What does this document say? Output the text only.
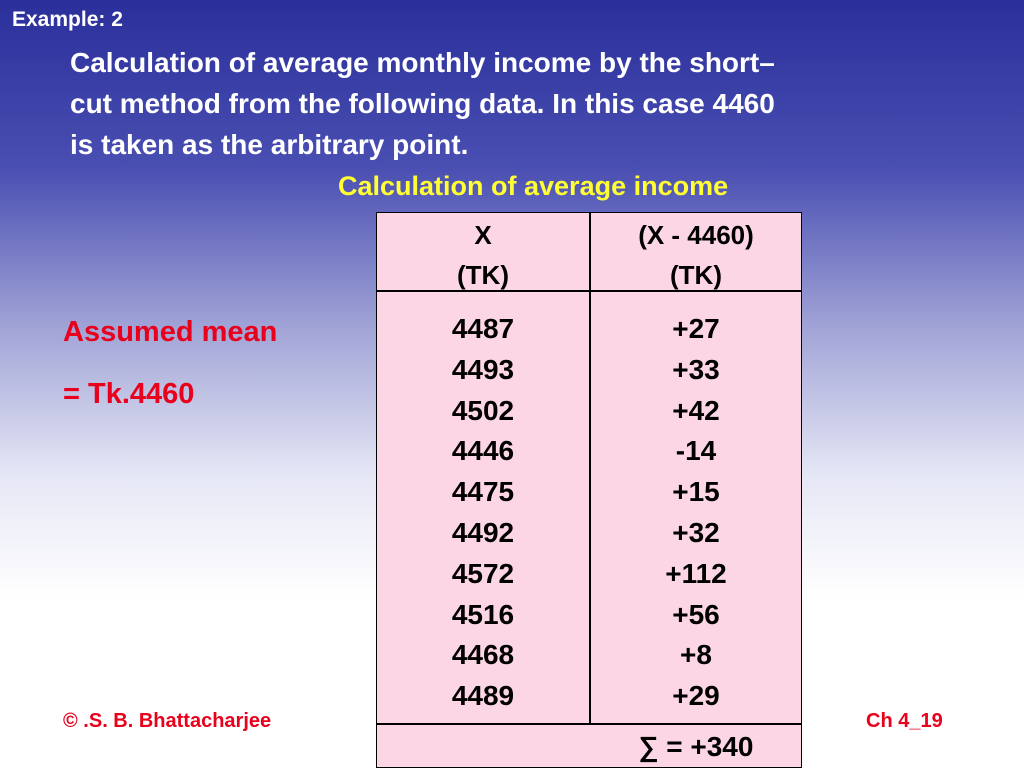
Example: 2
Calculation of average monthly income by the short–
cut method from the following data. In this case 4460
is taken as the arbitrary point.
Calculation of average income
Assumed mean
= Tk.4460
X
(TK)
(X - 4460)
(TK)
4487
4493
4502
4446
4475
4492
4572
4516
4468
4489
+27
+33
+42
-14
+15
+32
+112
+56
+8
+29
∑ = +340
© .S. B. Bhattacharjee	Ch 4_19
